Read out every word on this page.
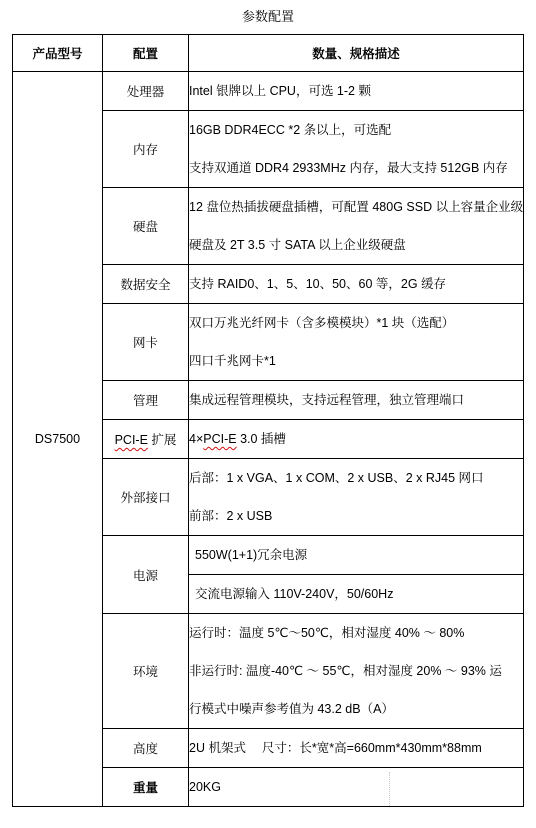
参数配置
产品型号	配置	数量、规格描述
DS7500	处理器	Intel 银牌以上 CPU，可选 1-2 颗

	内存	16GB DDR4ECC *2 条以上，可选配
支持双通道 DDR4 2933MHz 内存，最大支持 512GB 内存

	硬盘	12 盘位热插拔硬盘插槽，可配置 480G SSD 以上容量企业级
硬盘及 2T 3.5 寸 SATA 以上企业级硬盘

	数据安全	支持 RAID0、1、5、10、50、60 等，2G 缓存

	网卡	双口万兆光纤网卡（含多模模块）*1 块（选配）
四口千兆网卡*1

	管理	集成远程管理模块，支持远程管理，独立管理端口

	PCI-E 扩展	4×PCI-E 3.0 插槽

	外部接口	后部：1 x VGA、1 x COM、2 x USB、2 x RJ45 网口
前部：2 x USB

	电源	550W(1+1)冗余电源
交流电源输入 110V-240V，50/60Hz

	环境	运行时：温度 5℃～50℃，相对湿度 40% ～ 80%
非运行时: 温度-40℃ ～ 55℃，相对湿度 20% ～ 93% 运
行模式中噪声参考值为 43.2 dB（A）

	高度	2U 机架式　 尺寸：长*宽*高=660mm*430mm*88mm

	重量	20KG
